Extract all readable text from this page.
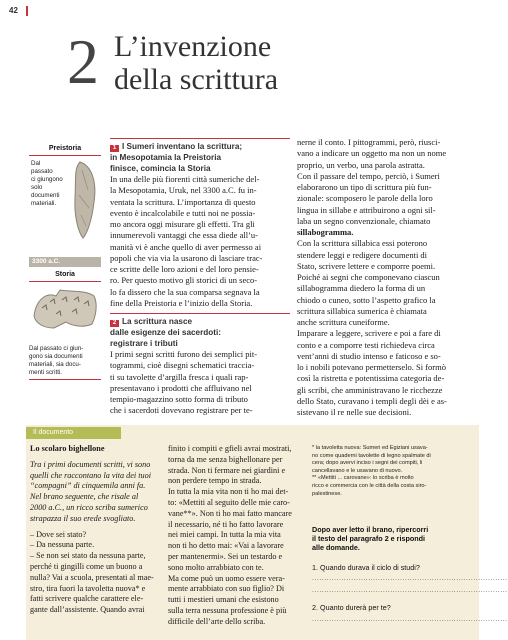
42
2 L’invenzione
della scrittura
Preistoria
Dal
passato
ci giungono
solo
documenti
materiali.
3300 a.C.
Storia
Dal passato ci giun-
gono sia documenti
materiali, sia docu-
menti scritti.
1 I Sumeri inventano la scrittura;
in Mesopotamia la Preistoria
finisce, comincia la Storia
In una delle più fiorenti città sumeriche del-
la Mesopotamia, Uruk, nel 3300 a.C. fu in-
ventata la scrittura. L’importanza di questo
evento è incalcolabile e tutti noi ne possia-
mo ancora oggi misurare gli effetti. Tra gli
innumerevoli vantaggi che essa diede all’u-
manità vi è anche quello di aver permesso ai
popoli che via via la usarono di lasciare trac-
ce scritte delle loro azioni e del loro pensie-
ro. Per questo motivo gli storici di un seco-
lo fa dissero che la sua comparsa segnava la
fine della Preistoria e l’inizio della Storia.
2 La scrittura nasce
dalle esigenze dei sacerdoti:
registrare i tributi
I primi segni scritti furono dei semplici pit-
togrammi, cioè disegni schematici traccia-
ti su tavolette d’argilla fresca i quali rap-
presentavano i prodotti che affluivano nel
tempio-magazzino sotto forma di tributo
che i sacerdoti dovevano registrare per te-
nerne il conto. I pittogrammi, però, riusci-
vano a indicare un oggetto ma non un nome
proprio, un verbo, una parola astratta.
Con il passare del tempo, perciò, i Sumeri
elaborarono un tipo di scrittura più fun-
zionale: scomposero le parole della loro
lingua in sillabe e attribuirono a ogni sil-
laba un segno convenzionale, chiamato
sillabogramma.
Con la scrittura sillabica essi poterono
stendere leggi e redigere documenti di
Stato, scrivere lettere e comporre poemi.
Poiché ai segni che componevano ciascun
sillabogramma diedero la forma di un
chiodo o cuneo, sotto l’aspetto grafico la
scrittura sillabica sumerica è chiamata
anche scrittura cuneiforme.
Imparare a leggere, scrivere e poi a fare di
conto e a comporre testi richiedeva circa
vent’anni di studio intenso e faticoso e so-
lo i nobili potevano permetterselo. Si formò
così la ristretta e potentissima categoria de-
gli scribi, che amministravano le ricchezze
dello Stato, curavano i templi degli dèi e as-
sistevano il re nelle sue decisioni.
Il documento
Lo scolaro bighellone
Tra i primi documenti scritti, vi sono
quelli che raccontano la vita dei tuoi
“compagni” di cinquemila anni fa.
Nel brano seguente, che risale al
2000 a.C., un ricco scriba sumerico
strapazza il suo erede svogliato.
– Dove sei stato?
– Da nessuna parte.
– Se non sei stato da nessuna parte,
perché ti gingilli come un buono a
nulla? Vai a scuola, presentati al mae-
stro, tira fuori la tavoletta nuova* e
fatti scrivere qualche carattere ele-
gante dall’assistente. Quando avrai
finito i compiti e gfieli avrai mostrati,
torna da me senza bighellonare per
strada. Non ti fermare nei giardini e
non perdere tempo in strada.
In tutta la mia vita non ti ho mai det-
to: «Mettiti al seguito delle mie caro-
vane**». Non ti ho mai fatto mancare
il necessario, né ti ho fatto lavorare
nei miei campi. In tutta la mia vita
non ti ho detto mai: «Vai a lavorare
per mantenermi». Sei un testardo e
sono molto arrabbiato con te.
Ma come può un uomo essere vera-
mente arrabbiato con suo figlio? Di
tutti i mestieri umani che esistono
sulla terra nessuna professione è più
difficile dell’arte dello scriba.
* la tavoletta nuova: Sumeri ed Egiziani usava-
no come quaderni tavolette di legno spalmate di
cera; dopo avervi inciso i segni dei compiti, li
cancellavano e le usavano di nuovo.
** «Mettiti ... carovane»: lo scriba è molto
ricco e commercia con le città della costa siro-
palestinese.
Dopo aver letto il brano, ripercorri
il testo del paragrafo 2 e rispondi
alle domande.
1. Quando durava il ciclo di studi?
................................................................................
................................................................................
2. Quanto durerà per te?
................................................................................
